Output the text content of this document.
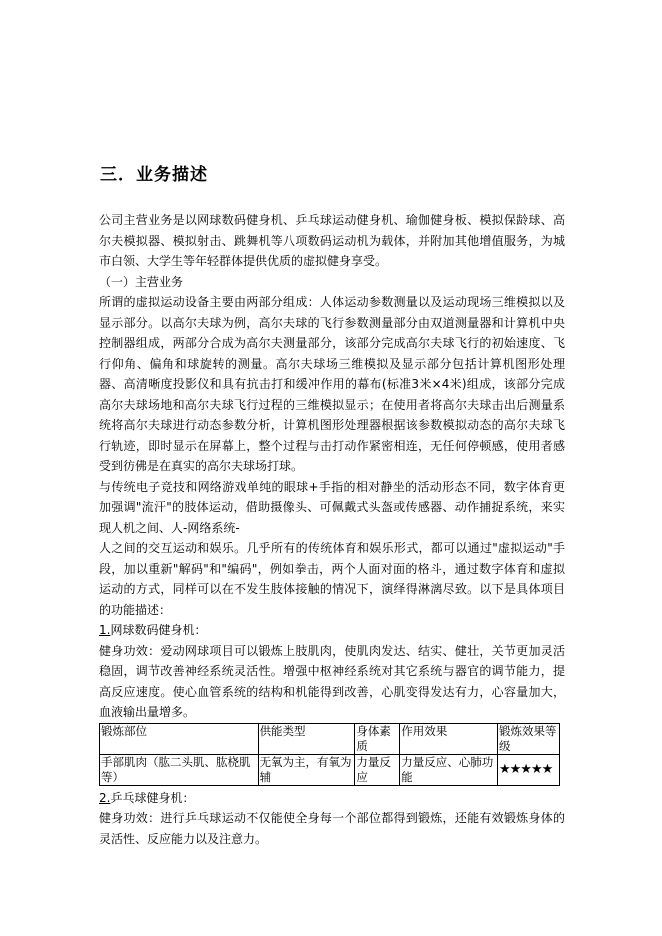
三．业务描述

公司主营业务是以网球数码健身机、乒乓球运动健身机、瑜伽健身板、模拟保龄球、高尔夫模拟器、模拟射击、跳舞机等八项数码运动机为载体，并附加其他增值服务，为城市白领、大学生等年轻群体提供优质的虚拟健身享受。

（一）主营业务

所谓的虚拟运动设备主要由两部分组成：人体运动参数测量以及运动现场三维模拟以及显示部分。以高尔夫球为例，高尔夫球的飞行参数测量部分由双道测量器和计算机中央控制器组成，两部分合成为高尔夫测量部分，该部分完成高尔夫球飞行的初始速度、飞行仰角、偏角和球旋转的测量。高尔夫球场三维模拟及显示部分包括计算机图形处理器、高清晰度投影仪和具有抗击打和缓冲作用的幕布(标准3米×4米)组成，该部分完成高尔夫球场地和高尔夫球飞行过程的三维模拟显示；在使用者将高尔夫球击出后测量系统将高尔夫球进行动态参数分析，计算机图形处理器根据该参数模拟动态的高尔夫球飞行轨迹，即时显示在屏幕上，整个过程与击打动作紧密相连，无任何停顿感，使用者感受到彷佛是在真实的高尔夫球场打球。

与传统电子竞技和网络游戏单纯的眼球+手指的相对静坐的活动形态不同，数字体育更加强调"流汗"的肢体运动，借助摄像头、可佩戴式头盔或传感器、动作捕捉系统，来实现人机之间、人-网络系统-

人之间的交互运动和娱乐。几乎所有的传统体育和娱乐形式，都可以通过"虚拟运动"手段，加以重新"解码"和"编码"，例如拳击，两个人面对面的格斗，通过数字体育和虚拟运动的方式，同样可以在不发生肢体接触的情况下，演绎得淋漓尽致。以下是具体项目的功能描述：

1.网球数码健身机：

健身功效：爱动网球项目可以锻炼上肢肌肉，使肌肉发达、结实、健壮，关节更加灵活稳固，调节改善神经系统灵活性。增强中枢神经系统对其它系统与器官的调节能力，提高反应速度。使心血管系统的结构和机能得到改善，心肌变得发达有力，心容量加大，血液输出量增多。

锻炼部位	供能类型	身体素质	作用效果	锻炼效果等级
手部肌肉（肱二头肌、肱桡肌等）	无氧为主，有氧为辅	力量反应	力量反应、心肺功能	★★★★★

2.乒乓球健身机：

健身功效：进行乒乓球运动不仅能使全身每一个部位都得到锻炼，还能有效锻炼身体的灵活性、反应能力以及注意力。
